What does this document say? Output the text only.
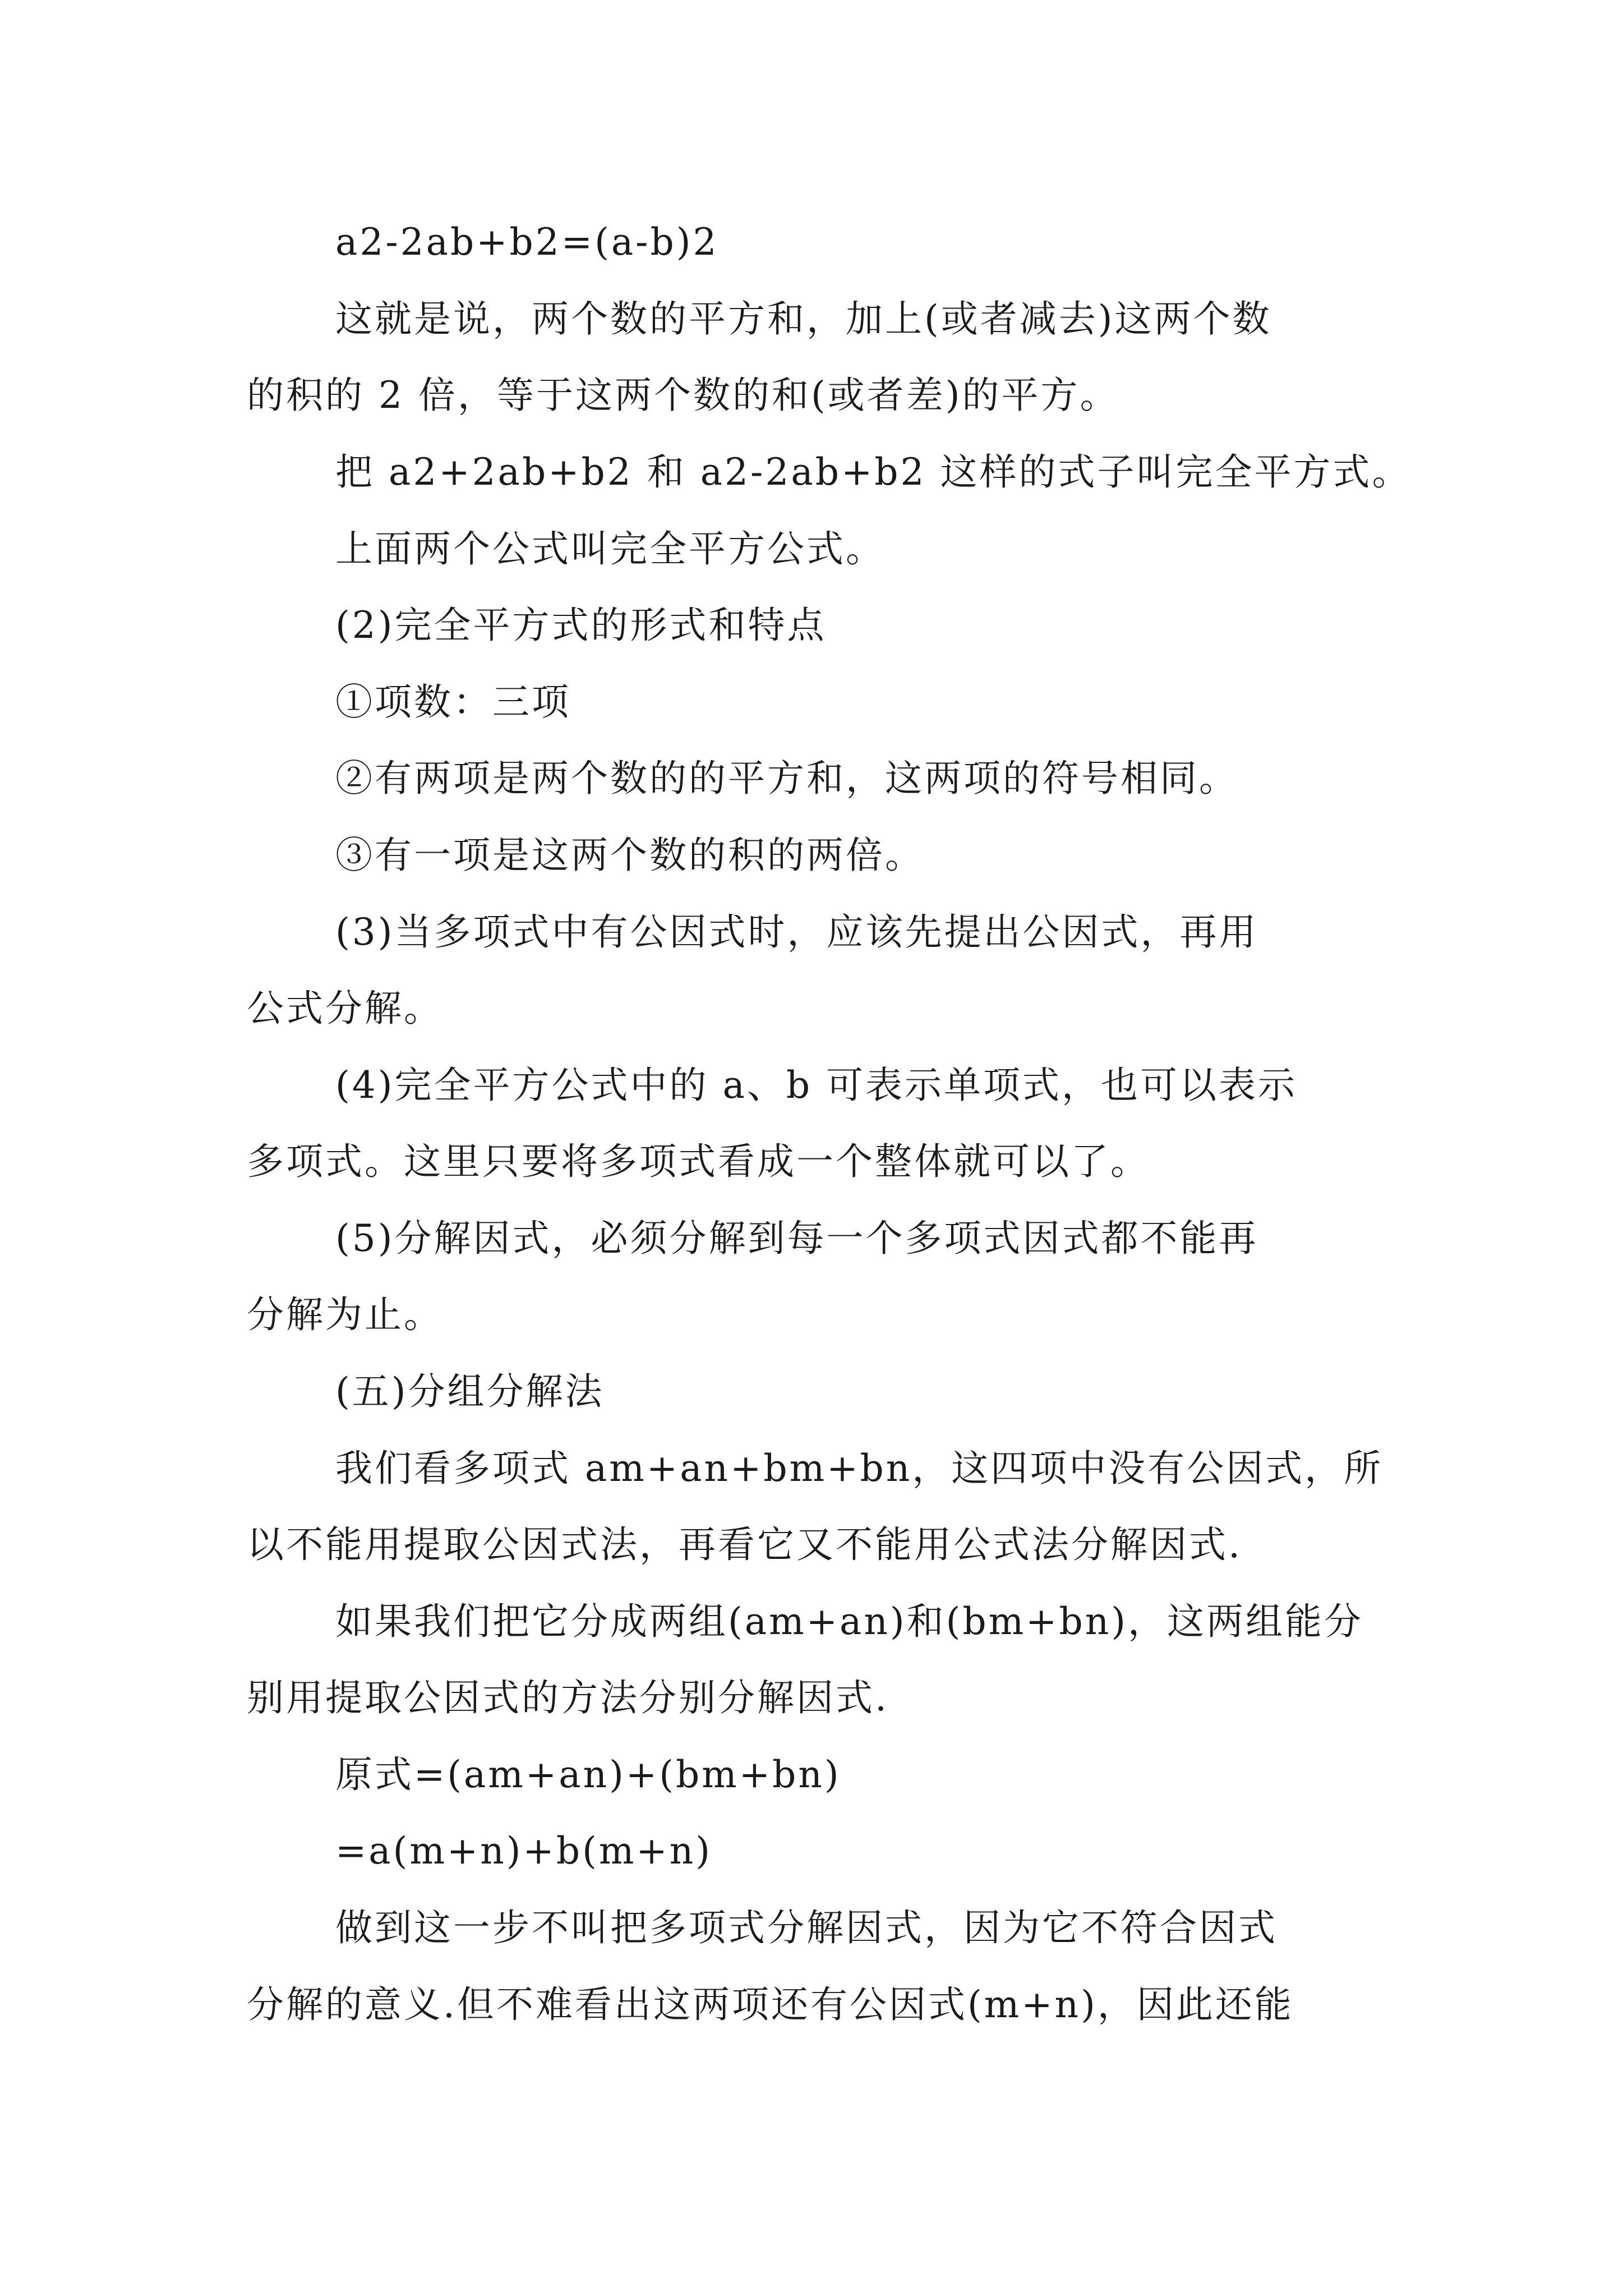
a2-2ab+b2=(a-b)2

这就是说，两个数的平方和，加上(或者减去)这两个数

的积的 2 倍，等于这两个数的和(或者差)的平方。

把 a2+2ab+b2 和 a2-2ab+b2 这样的式子叫完全平方式。

上面两个公式叫完全平方公式。

(2)完全平方式的形式和特点

①项数：三项

②有两项是两个数的的平方和，这两项的符号相同。

③有一项是这两个数的积的两倍。

(3)当多项式中有公因式时，应该先提出公因式，再用

公式分解。

(4)完全平方公式中的 a、b 可表示单项式，也可以表示

多项式。这里只要将多项式看成一个整体就可以了。

(5)分解因式，必须分解到每一个多项式因式都不能再

分解为止。

(五)分组分解法

我们看多项式 am+an+bm+bn，这四项中没有公因式，所

以不能用提取公因式法，再看它又不能用公式法分解因式.

如果我们把它分成两组(am+an)和(bm+bn)，这两组能分

别用提取公因式的方法分别分解因式.

原式=(am+an)+(bm+bn)

=a(m+n)+b(m+n)

做到这一步不叫把多项式分解因式，因为它不符合因式

分解的意义.但不难看出这两项还有公因式(m+n)，因此还能
